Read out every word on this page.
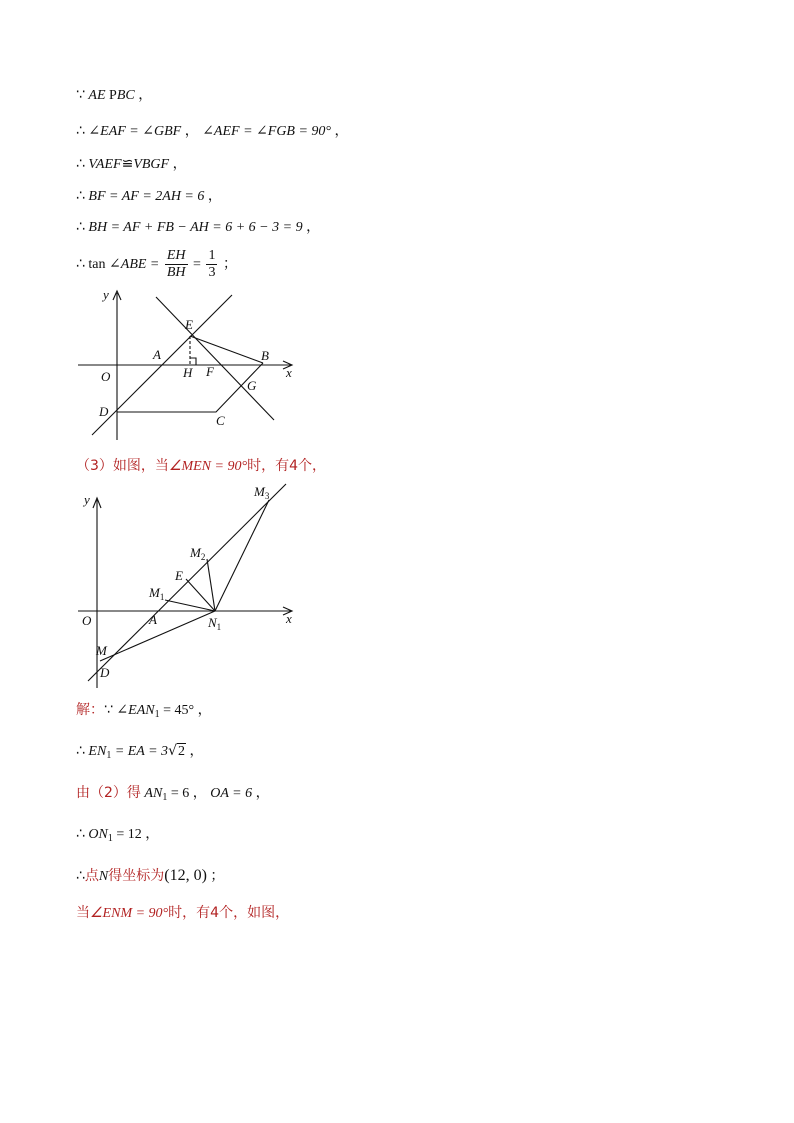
∵ AE PBC ，
∴ ∠EAF = ∠GBF ， ∠AEF = ∠FGB = 90° ，
∴ VAEF≌VBGF ，
∴ BF = AF = 2AH = 6 ，
∴ BH = AF + FB − AH = 6 + 6 − 3 = 9 ，
∴ tan ∠ABE = $\frac{EH}{BH} = \frac{1}{3}$ ；
y
x
O
A
E
B
H F
G
D
C
（3）如图，当∠MEN = 90°时，有4个，
y
x
O	A
E
M
D
$M_1$
$M_2$
$M_3$
$N_1$
解：∵ $\angle EAN_1 = 45^\circ$ ，
∴ $EN_1$ = EA = 3√2 ，
由（2）得 $AN_1 = 6$ ， OA = 6 ，
∴ $ON_1 = 12$ ，
∴点N得坐标为(12, 0) ；
当∠ENM = 90°时，有4个，如图，
